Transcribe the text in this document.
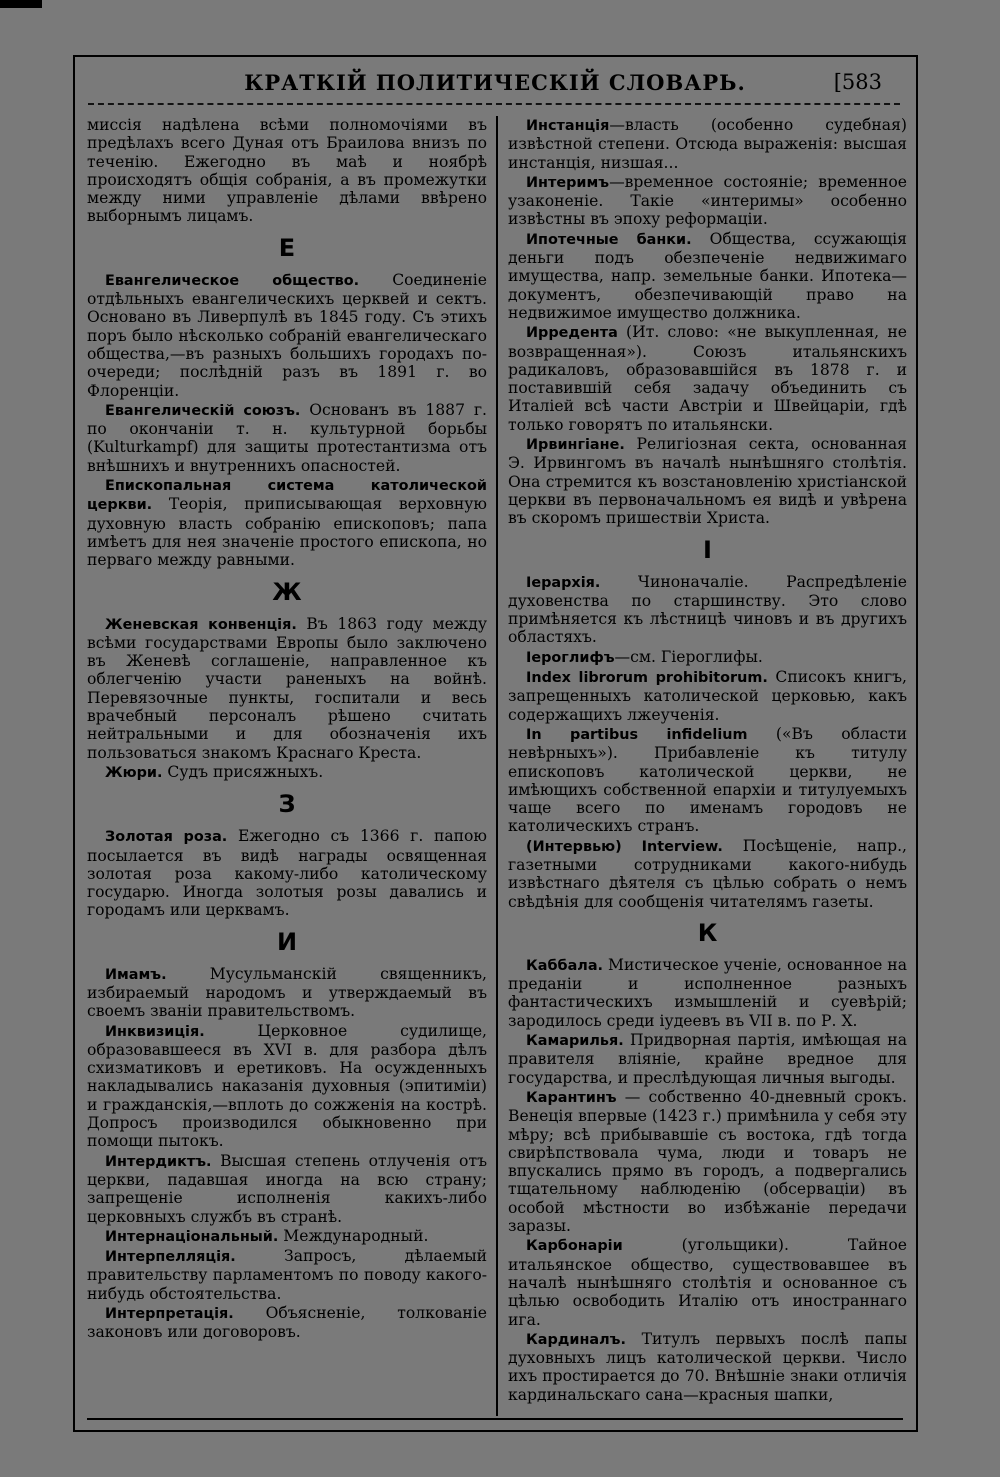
КРАТКІЙ ПОЛИТИЧЕСКІЙ СЛОВАРЬ.	[583

миссія надѣлена всѣми полномочіями въ предѣлахъ всего Дуная отъ Браилова внизъ по теченію. Ежегодно въ маѣ и ноябрѣ происходятъ общія собранія, а въ промежутки между ними управленіе дѣлами ввѣрено выборнымъ лицамъ.

Е

Евангелическое общество. Соединеніе отдѣльныхъ евангелическихъ церквей и сектъ. Основано въ Ливерпулѣ въ 1845 году. Съ этихъ поръ было нѣсколько собраній евангелическаго общества,—въ разныхъ большихъ городахъ по-очереди; послѣдній разъ въ 1891 г. во Флоренціи.

Евангелическій союзъ. Основанъ въ 1887 г. по окончаніи т. н. культурной борьбы (Kulturkampf) для защиты протестантизма отъ внѣшнихъ и внутреннихъ опасностей.

Епископальная система католической церкви. Теорія, приписывающая верховную духовную власть собранію епископовъ; папа имѣетъ для нея значеніе простого епископа, но перваго между равными.

Ж

Женевская конвенція. Въ 1863 году между всѣми государствами Европы было заключено въ Женевѣ соглашеніе, направленное къ облегченію участи раненыхъ на войнѣ. Перевязочные пункты, госпитали и весь врачебный персоналъ рѣшено считать нейтральными и для обозначенія ихъ пользоваться знакомъ Краснаго Креста.

Жюри. Судъ присяжныхъ.

З

Золотая роза. Ежегодно съ 1366 г. папою посылается въ видѣ награды освященная золотая роза какому-либо католическому государю. Иногда золотыя розы давались и городамъ или церквамъ.

И

Имамъ. Мусульманскій священникъ, избираемый народомъ и утверждаемый въ своемъ званіи правительствомъ.

Инквизиція. Церковное судилище, образовавшееся въ XVI в. для разбора дѣлъ схизматиковъ и еретиковъ. На осужденныхъ накладывались наказанія духовныя (эпитиміи) и гражданскія,—вплоть до сожженія на кострѣ. Допросъ производился обыкновенно при помощи пытокъ.

Интердиктъ. Высшая степень отлученія отъ церкви, падавшая иногда на всю страну; запрещеніе исполненія какихъ-либо церковныхъ службъ въ странѣ.

Интернаціональный. Международный.

Интерпелляція. Запросъ, дѣлаемый правительству парламентомъ по поводу какого-нибудь обстоятельства.

Интерпретація. Объясненіе, толкованіе законовъ или договоровъ.

Инстанція—власть (особенно судебная) извѣстной степени. Отсюда выраженія: высшая инстанція, низшая...

Интеримъ—временное состояніе; временное узаконеніе. Такіе «интеримы» особенно извѣстны въ эпоху реформаціи.

Ипотечные банки. Общества, ссужающія деньги подъ обезпеченіе недвижимаго имущества, напр. земельные банки. Ипотека—документъ, обезпечивающій право на недвижимое имущество должника.

Ирредента (Ит. слово: «не выкупленная, не возвращенная»). Союзъ итальянскихъ радикаловъ, образовавшійся въ 1878 г. и поставившій себя задачу объединить съ Италіей всѣ части Австріи и Швейцаріи, гдѣ только говорятъ по итальянски.

Ирвингіане. Религіозная секта, основанная Э. Ирвингомъ въ началѣ нынѣшняго столѣтія. Она стремится къ возстановленію христіанской церкви въ первоначальномъ ея видѣ и увѣрена въ скоромъ пришествіи Христа.

I

Іерархія. Чиноначаліе. Распредѣленіе духовенства по старшинству. Это слово примѣняется къ лѣстницѣ чиновъ и въ другихъ областяхъ.

Іероглифъ—см. Гіероглифы.

Index librorum prohibitorum. Списокъ книгъ, запрещенныхъ католической церковью, какъ содержащихъ лжеученія.

In partibus infidelium («Въ области невѣрныхъ»). Прибавленіе къ титулу епископовъ католической церкви, не имѣющихъ собственной епархіи и титулуемыхъ чаще всего по именамъ городовъ не католическихъ странъ.

(Интервью) Interview. Посѣщеніе, напр., газетными сотрудниками какого-нибудь извѣстнаго дѣятеля съ цѣлью собрать о немъ свѣдѣнія для сообщенія читателямъ газеты.

К

Каббала. Мистическое ученіе, основанное на преданіи и исполненное разныхъ фантастическихъ измышленій и суевѣрій; зародилось среди іудеевъ въ VII в. по Р. Х.

Камарилья. Придворная партія, имѣющая на правителя вліяніе, крайне вредное для государства, и преслѣдующая личныя выгоды.

Карантинъ — собственно 40-дневный срокъ. Венеція впервые (1423 г.) примѣнила у себя эту мѣру; всѣ прибывавшіе съ востока, гдѣ тогда свирѣпствовала чума, люди и товаръ не впускались прямо въ городъ, а подвергались тщательному наблюденію (обсерваціи) въ особой мѣстности во избѣжаніе передачи заразы.

Карбонаріи (угольщики). Тайное итальянское общество, существовавшее въ началѣ нынѣшняго столѣтія и основанное съ цѣлью освободить Италію отъ иностраннаго ига.

Кардиналъ. Титулъ первыхъ послѣ папы духовныхъ лицъ католической церкви. Число ихъ простирается до 70. Внѣшніе знаки отличія кардинальскаго сана—красныя шапки,
